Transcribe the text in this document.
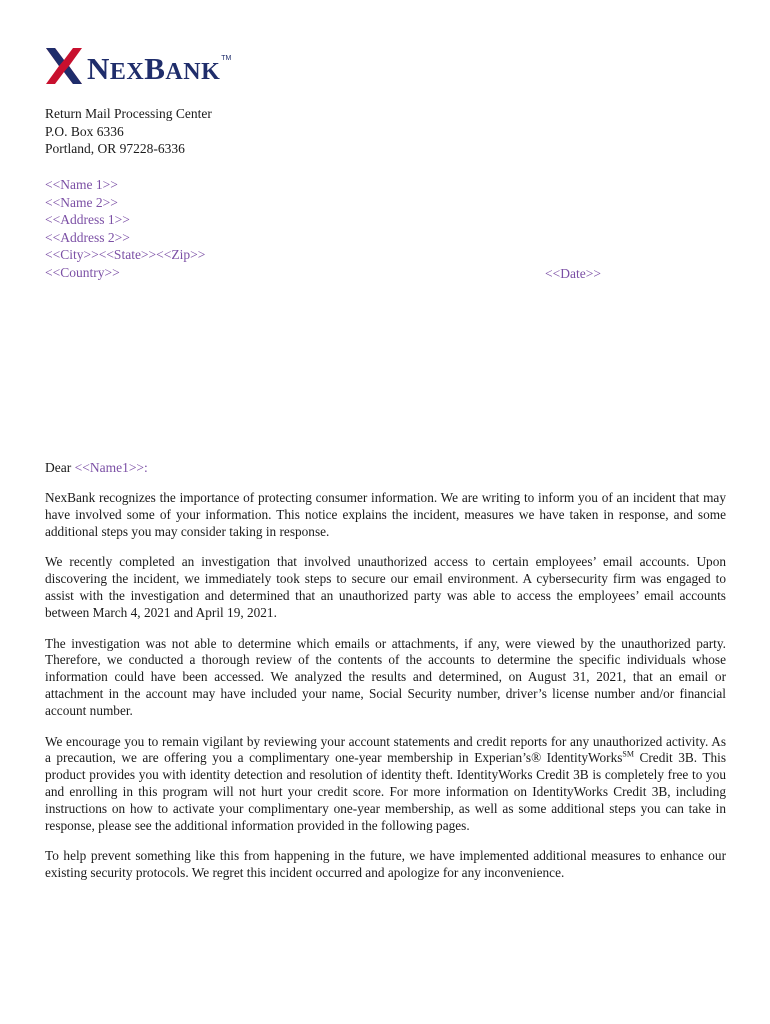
NEXBANK TM
Return Mail Processing Center
P.O. Box 6336
Portland, OR 97228-6336
<<Name 1>>
<<Name 2>>
<<Address 1>>
<<Address 2>>
<<City>><<State>><<Zip>>
<<Country>>	<<Date>>
Dear <<Name1>>:

NexBank recognizes the importance of protecting consumer information. We are writing to inform you of an incident that may have involved some of your information. This notice explains the incident, measures we have taken in response, and some additional steps you may consider taking in response.

We recently completed an investigation that involved unauthorized access to certain employees’ email accounts. Upon discovering the incident, we immediately took steps to secure our email environment. A cybersecurity firm was engaged to assist with the investigation and determined that an unauthorized party was able to access the employees’ email accounts between March 4, 2021 and April 19, 2021.

The investigation was not able to determine which emails or attachments, if any, were viewed by the unauthorized party. Therefore, we conducted a thorough review of the contents of the accounts to determine the specific individuals whose information could have been accessed. We analyzed the results and determined, on August 31, 2021, that an email or attachment in the account may have included your name, Social Security number, driver’s license number and/or financial account number.

We encourage you to remain vigilant by reviewing your account statements and credit reports for any unauthorized activity. As a precaution, we are offering you a complimentary one-year membership in Experian’s® IdentityWorks℠ Credit 3B. This product provides you with identity detection and resolution of identity theft. IdentityWorks Credit 3B is completely free to you and enrolling in this program will not hurt your credit score. For more information on IdentityWorks Credit 3B, including instructions on how to activate your complimentary one-year membership, as well as some additional steps you can take in response, please see the additional information provided in the following pages.

To help prevent something like this from happening in the future, we have implemented additional measures to enhance our existing security protocols. We regret this incident occurred and apologize for any inconvenience.
